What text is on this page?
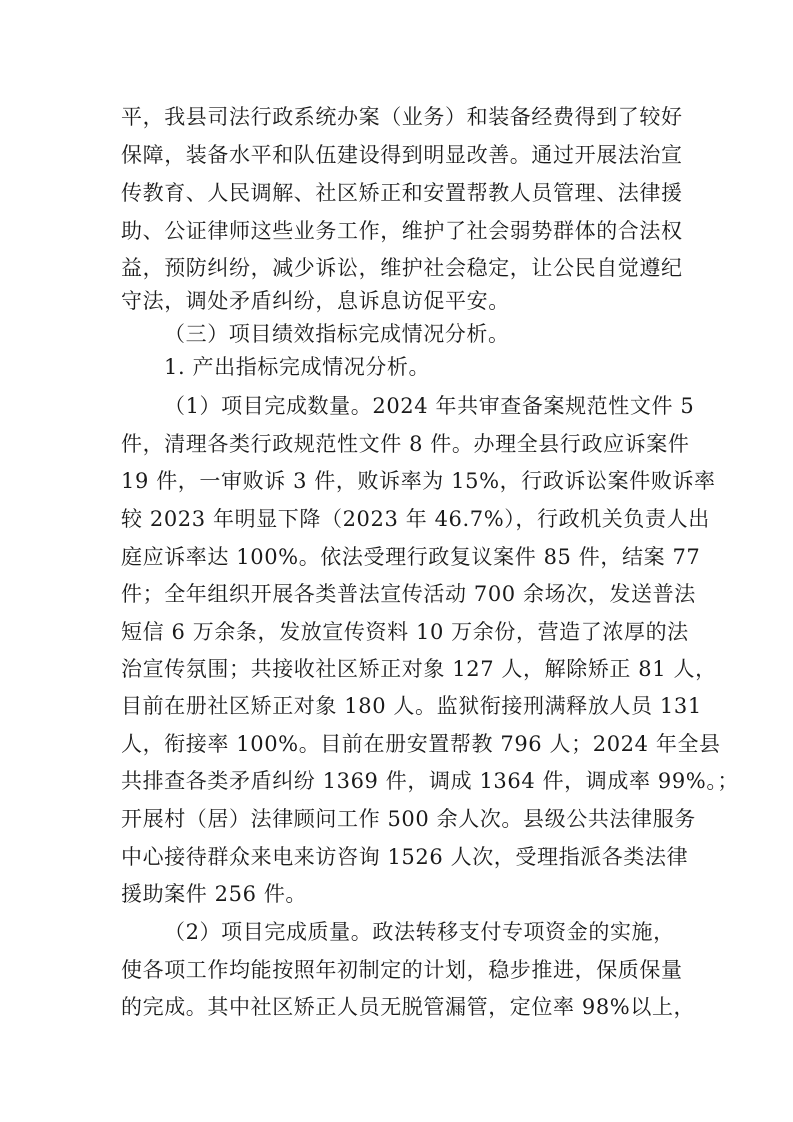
平，我县司法行政系统办案（业务）和装备经费得到了较好
保障，装备水平和队伍建设得到明显改善。通过开展法治宣
传教育、人民调解、社区矫正和安置帮教人员管理、法律援
助、公证律师这些业务工作，维护了社会弱势群体的合法权
益，预防纠纷，减少诉讼，维护社会稳定，让公民自觉遵纪
守法，调处矛盾纠纷，息诉息访促平安。
（三）项目绩效指标完成情况分析。
1. 产出指标完成情况分析。
（1）项目完成数量。2024 年共审查备案规范性文件 5
件，清理各类行政规范性文件 8 件。办理全县行政应诉案件
19 件，一审败诉 3 件，败诉率为 15%，行政诉讼案件败诉率
较 2023 年明显下降（2023 年 46.7%），行政机关负责人出
庭应诉率达 100%。依法受理行政复议案件 85 件，结案 77
件；全年组织开展各类普法宣传活动 700 余场次，发送普法
短信 6 万余条，发放宣传资料 10 万余份，营造了浓厚的法
治宣传氛围；共接收社区矫正对象 127 人，解除矫正 81 人，
目前在册社区矫正对象 180 人。监狱衔接刑满释放人员 131
人，衔接率 100%。目前在册安置帮教 796 人；2024 年全县
共排查各类矛盾纠纷 1369 件，调成 1364 件，调成率 99%。；
开展村（居）法律顾问工作 500 余人次。县级公共法律服务
中心接待群众来电来访咨询 1526 人次，受理指派各类法律
援助案件 256 件。
（2）项目完成质量。政法转移支付专项资金的实施，
使各项工作均能按照年初制定的计划，稳步推进，保质保量
的完成。其中社区矫正人员无脱管漏管，定位率 98%以上，
